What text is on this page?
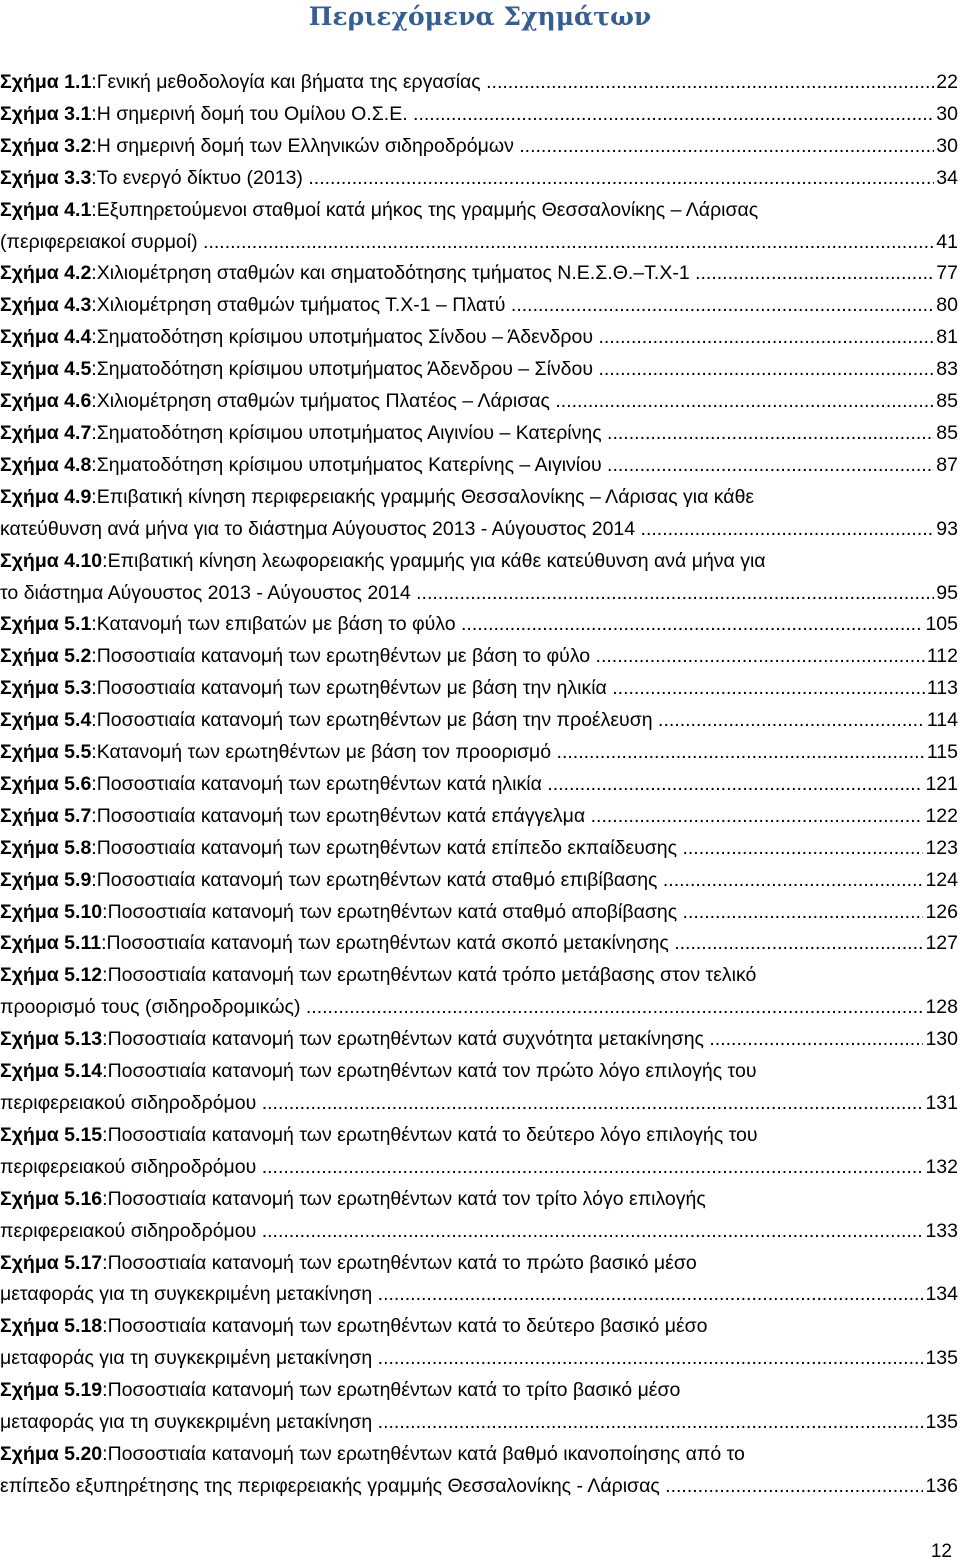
Περιεχόμενα Σχημάτων
Σχήμα 1.1:Γενική μεθοδολογία και βήματα της εργασίας .....	22
Σχήμα 3.1:Η σημερινή δομή του Ομίλου Ο.Σ.Ε. .....	30
Σχήμα 3.2:Η σημερινή δομή των Ελληνικών σιδηροδρόμων .....	30
Σχήμα 3.3:Το ενεργό δίκτυο (2013) .....	34
Σχήμα 4.1:Εξυπηρετούμενοι σταθμοί κατά μήκος της γραμμής Θεσσαλονίκης – Λάρισας
(περιφερειακοί συρμοί) .....	41
Σχήμα 4.2:Χιλιομέτρηση σταθμών και σηματοδότησης τμήματος Ν.Ε.Σ.Θ.–Τ.Χ-1 .....	77
Σχήμα 4.3:Χιλιομέτρηση σταθμών τμήματος Τ.Χ-1 – Πλατύ .....	80
Σχήμα 4.4:Σηματοδότηση κρίσιμου υποτμήματος Σίνδου – Άδενδρου .....	81
Σχήμα 4.5:Σηματοδότηση κρίσιμου υποτμήματος Άδενδρου – Σίνδου .....	83
Σχήμα 4.6:Χιλιομέτρηση σταθμών τμήματος Πλατέος – Λάρισας .....	85
Σχήμα 4.7:Σηματοδότηση κρίσιμου υποτμήματος Αιγινίου – Κατερίνης .....	85
Σχήμα 4.8:Σηματοδότηση κρίσιμου υποτμήματος Κατερίνης – Αιγινίου .....	87
Σχήμα 4.9:Επιβατική κίνηση περιφερειακής γραμμής Θεσσαλονίκης – Λάρισας για κάθε
κατεύθυνση ανά μήνα για το διάστημα Αύγουστος 2013 - Αύγουστος 2014 .....	93
Σχήμα 4.10:Επιβατική κίνηση λεωφορειακής γραμμής για κάθε κατεύθυνση ανά μήνα για
το διάστημα Αύγουστος 2013 - Αύγουστος 2014 .....	95
Σχήμα 5.1:Κατανομή των επιβατών με βάση το φύλο .....	105
Σχήμα 5.2:Ποσοστιαία κατανομή των ερωτηθέντων με βάση το φύλο .....	112
Σχήμα 5.3:Ποσοστιαία κατανομή των ερωτηθέντων με βάση την ηλικία .....	113
Σχήμα 5.4:Ποσοστιαία κατανομή των ερωτηθέντων με βάση την προέλευση .....	114
Σχήμα 5.5:Κατανομή των ερωτηθέντων με βάση τον προορισμό .....	115
Σχήμα 5.6:Ποσοστιαία κατανομή των ερωτηθέντων κατά ηλικία .....	121
Σχήμα 5.7:Ποσοστιαία κατανομή των ερωτηθέντων κατά επάγγελμα .....	122
Σχήμα 5.8:Ποσοστιαία κατανομή των ερωτηθέντων κατά επίπεδο εκπαίδευσης .....	123
Σχήμα 5.9:Ποσοστιαία κατανομή των ερωτηθέντων κατά σταθμό επιβίβασης .....	124
Σχήμα 5.10:Ποσοστιαία κατανομή των ερωτηθέντων κατά σταθμό αποβίβασης .....	126
Σχήμα 5.11:Ποσοστιαία κατανομή των ερωτηθέντων κατά σκοπό μετακίνησης .....	127
Σχήμα 5.12:Ποσοστιαία κατανομή των ερωτηθέντων κατά τρόπο μετάβασης στον τελικό
προορισμό τους (σιδηροδρομικώς) .....	128
Σχήμα 5.13:Ποσοστιαία κατανομή των ερωτηθέντων κατά συχνότητα μετακίνησης .....	130
Σχήμα 5.14:Ποσοστιαία κατανομή των ερωτηθέντων κατά τον πρώτο λόγο επιλογής του
περιφερειακού σιδηροδρόμου .....	131
Σχήμα 5.15:Ποσοστιαία κατανομή των ερωτηθέντων κατά το δεύτερο λόγο επιλογής του
περιφερειακού σιδηροδρόμου .....	132
Σχήμα 5.16:Ποσοστιαία κατανομή των ερωτηθέντων κατά τον τρίτο λόγο επιλογής
περιφερειακού σιδηροδρόμου .....	133
Σχήμα 5.17:Ποσοστιαία κατανομή των ερωτηθέντων κατά το πρώτο βασικό μέσο
μεταφοράς για τη συγκεκριμένη μετακίνηση .....	134
Σχήμα 5.18:Ποσοστιαία κατανομή των ερωτηθέντων κατά το δεύτερο βασικό μέσο
μεταφοράς για τη συγκεκριμένη μετακίνηση .....	135
Σχήμα 5.19:Ποσοστιαία κατανομή των ερωτηθέντων κατά το τρίτο βασικό μέσο
μεταφοράς για τη συγκεκριμένη μετακίνηση .....	135
Σχήμα 5.20:Ποσοστιαία κατανομή των ερωτηθέντων κατά βαθμό ικανοποίησης από το
επίπεδο εξυπηρέτησης της περιφερειακής γραμμής Θεσσαλονίκης - Λάρισας .....	136
12
